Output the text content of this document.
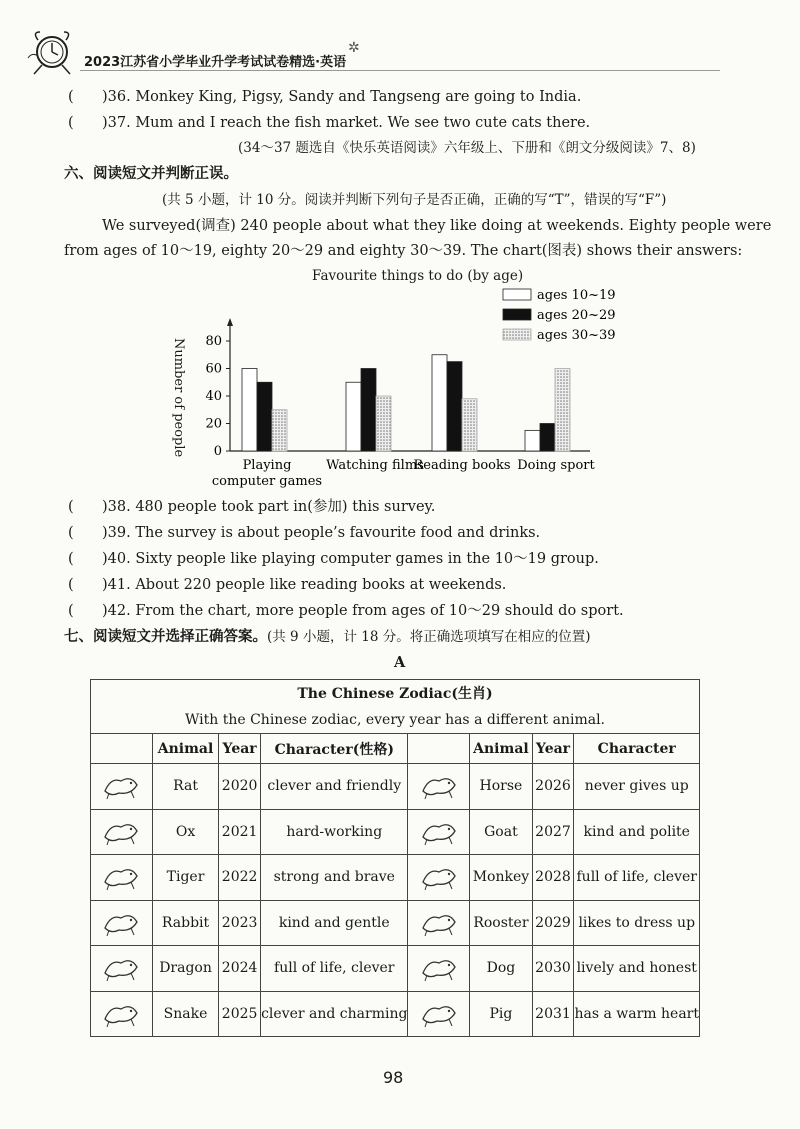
2023江苏省小学毕业升学考试试卷精选·英语
✲
( )36. Monkey King, Pigsy, Sandy and Tangseng are going to India.
( )37. Mum and I reach the fish market. We see two cute cats there.
(34～37 题选自《快乐英语阅读》六年级上、下册和《朗文分级阅读》7、8)
六、阅读短文并判断正误。
(共 5 小题，计 10 分。阅读并判断下列句子是否正确，正确的写“T”，错误的写“F”)
We surveyed(调查) 240 people about what they like doing at weekends. Eighty people were
from ages of 10～19, eighty 20～29 and eighty 30～39. The chart(图表) shows their answers:
Favourite things to do (by age)
80
60
40
20
0
Playing
computer games
Watching films
Reading books Doing sport
ages 10~19
ages 20~29
ages 30~39
Number of people
( )38. 480 people took part in(参加) this survey.
( )39. The survey is about people’s favourite food and drinks.
( )40. Sixty people like playing computer games in the 10～19 group.
( )41. About 220 people like reading books at weekends.
( )42. From the chart, more people from ages of 10～29 should do sport.
七、阅读短文并选择正确答案。(共 9 小题，计 18 分。将正确选项填写在相应的位置)
A
The Chinese Zodiac(生肖)							
With the Chinese zodiac, every year has a different animal.							
	Animal	Year	Character(性格)		Animal	Year	Character

	Rat	2020	clever and friendly		Horse	2026	never gives up

	Ox	2021	hard-working		Goat	2027	kind and polite

	Tiger	2022	strong and brave		Monkey	2028	full of life, clever

	Rabbit	2023	kind and gentle		Rooster	2029	likes to dress up

	Dragon	2024	full of life, clever		Dog	2030	lively and honest

	Snake	2025	clever and charming		Pig	2031	has a warm heart
98
